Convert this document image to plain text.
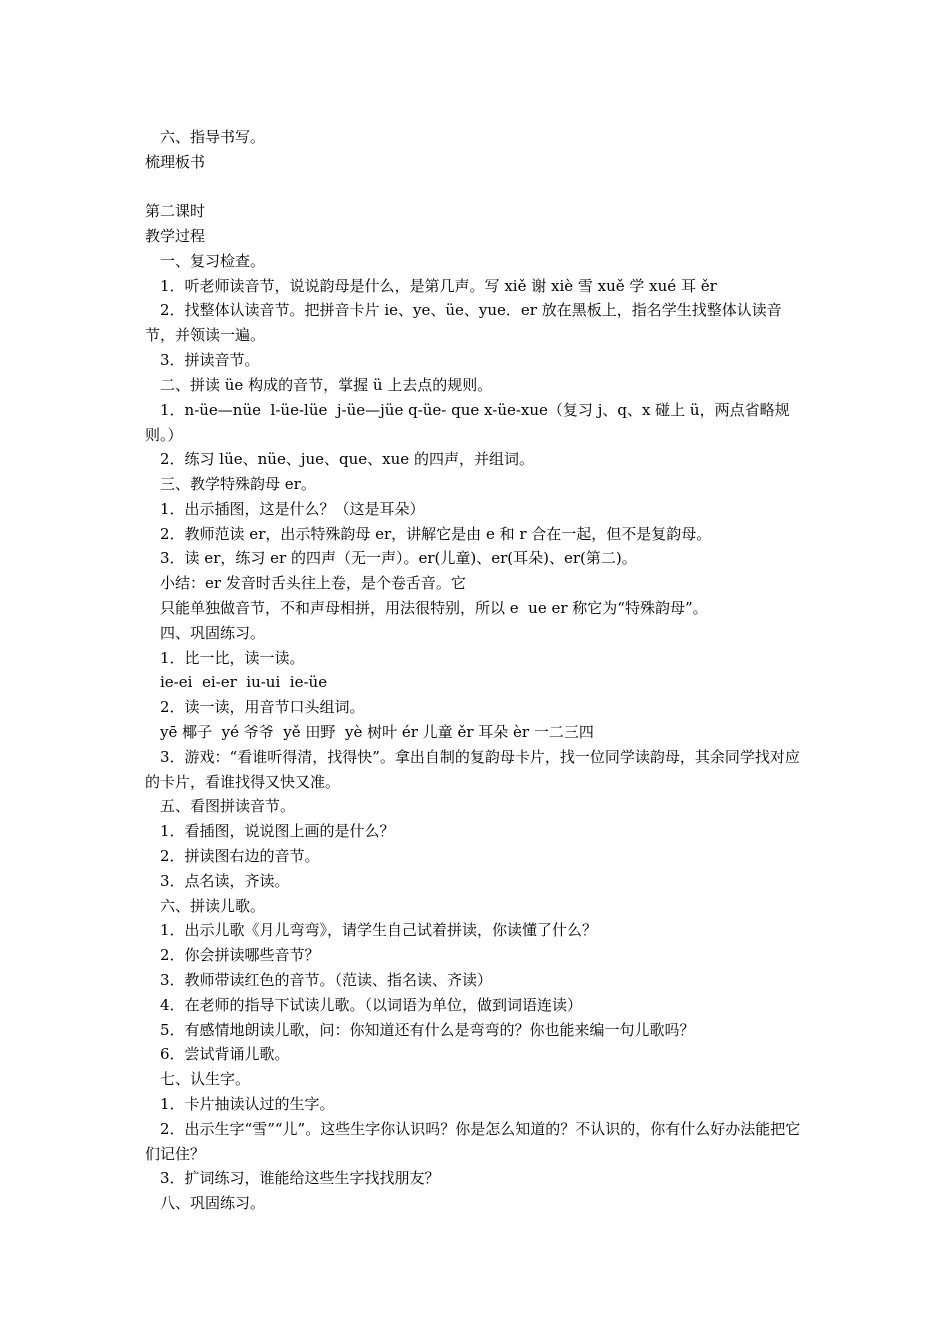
六、指导书写。
梳理板书
第二课时
教学过程
一、复习检查。
1．听老师读音节，说说韵母是什么，是第几声。写 xiě 谢 xiè 雪 xuě 学 xué 耳 ěr
2．找整体认读音节。把拼音卡片 ie、ye、üe、yue．er 放在黑板上，指名学生找整体认读音节，并领读一遍。
3．拼读音节。
二、拼读 üe 构成的音节，掌握 ü 上去点的规则。
1．n-üe—nüe  l-üe-lüe  j-üe—jüe q-üe- que x-üe-xue（复习 j、q、x 碰上 ü，两点省略规则。）
2．练习 lüe、nüe、jue、que、xue 的四声，并组词。
三、教学特殊韵母 er。
1．出示插图，这是什么？（这是耳朵）
2．教师范读 er，出示特殊韵母 er，讲解它是由 e 和 r 合在一起，但不是复韵母。
3．读 er，练习 er 的四声（无一声）。er(儿童)、er(耳朵)、er(第二)。
小结：er 发音时舌头往上卷，是个卷舌音。它
只能单独做音节，不和声母相拼，用法很特别，所以 e  ue er 称它为“特殊韵母”。
四、巩固练习。
1．比一比，读一读。
ie-ei  ei-er  iu-ui  ie-üe
2．读一读，用音节口头组词。
yē 椰子  yé 爷爷  yě 田野  yè 树叶 ér 儿童 ěr 耳朵 èr 一二三四
3．游戏：“看谁听得清，找得快”。拿出自制的复韵母卡片，找一位同学读韵母，其余同学找对应的卡片，看谁找得又快又准。
五、看图拼读音节。
1．看插图，说说图上画的是什么？
2．拼读图右边的音节。
3．点名读，齐读。
六、拼读儿歌。
1．出示儿歌《月儿弯弯》，请学生自己试着拼读，你读懂了什么？
2．你会拼读哪些音节？
3．教师带读红色的音节。（范读、指名读、齐读）
4．在老师的指导下试读儿歌。（以词语为单位，做到词语连读）
5．有感情地朗读儿歌，问：你知道还有什么是弯弯的？你也能来编一句儿歌吗？
6．尝试背诵儿歌。
七、认生字。
1．卡片抽读认过的生字。
2．出示生字“雪”“儿”。这些生字你认识吗？你是怎么知道的？不认识的，你有什么好办法能把它们记住？
3．扩词练习，谁能给这些生字找找朋友？
八、巩固练习。
